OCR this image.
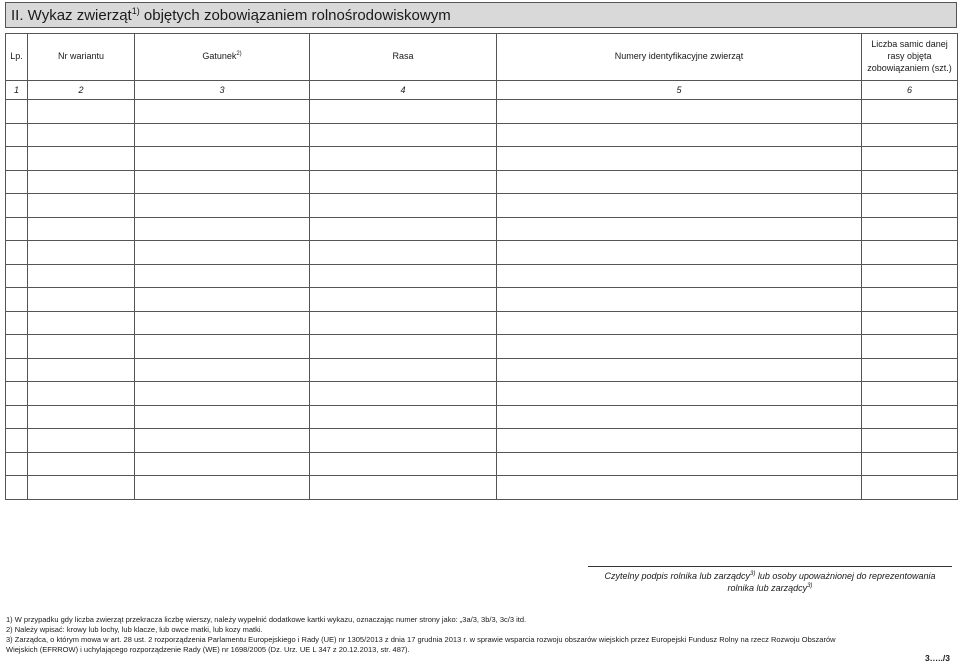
II. Wykaz zwierząt$^{1)}$ objętych zobowiązaniem rolnośrodowiskowym
Lp.	Nr wariantu	Gatunek$^{2)}$	Rasa	Numery identyfikacyjne zwierząt	Liczba samic danej rasy objęta zobowiązaniem (szt.)
1	2	3	4	5	6

Czytelny podpis rolnika lub zarządcy$^{3)}$ lub osoby upoważnionej do reprezentowania
rolnika lub zarządcy$^{3)}$
1) W przypadku gdy liczba zwierząt przekracza liczbę wierszy, należy wypełnić dodatkowe kartki wykazu, oznaczając numer strony jako: „3a/3, 3b/3, 3c/3 itd.
2) Należy wpisać: krowy lub lochy, lub klacze, lub owce matki, lub kozy matki.
3) Zarządca, o którym mowa w art. 28 ust. 2 rozporządzenia Parlamentu Europejskiego i Rady (UE) nr 1305/2013 z dnia 17 grudnia 2013 r. w sprawie wsparcia rozwoju obszarów wiejskich przez Europejski Fundusz Rolny na rzecz Rozwoju Obszarów
Wiejskich (EFRROW) i uchylającego rozporządzenie Rady (WE) nr 1698/2005 (Dz. Urz. UE L 347 z 20.12.2013, str. 487).
3…../3
